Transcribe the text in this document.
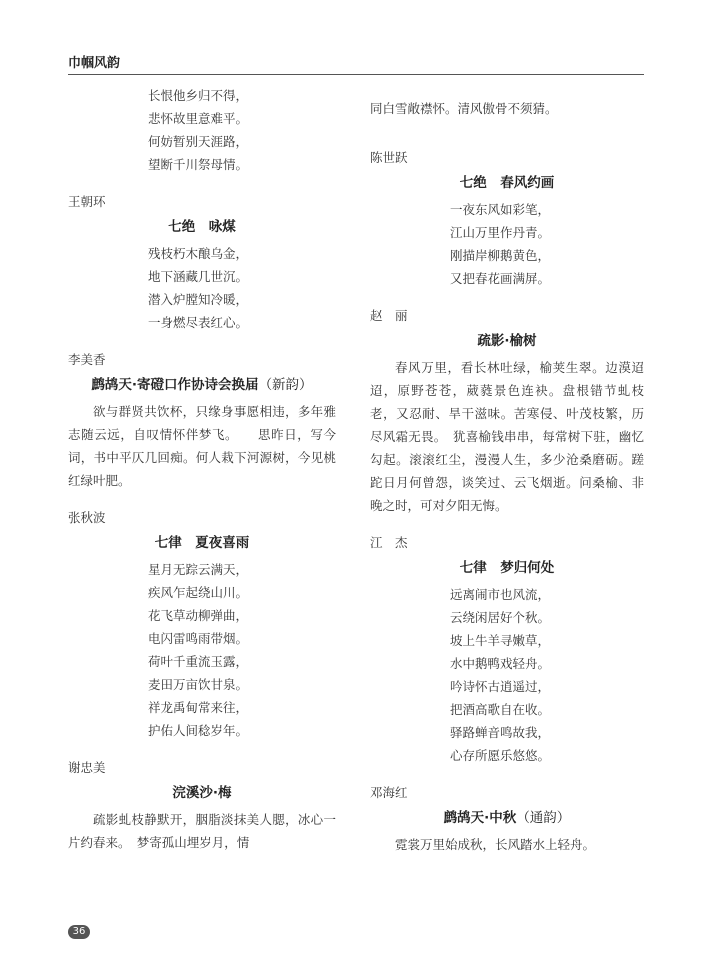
巾帼风韵
长恨他乡归不得，
悲怀故里意难平。
何妨暂别天涯路，
望断千川祭母情。

王朝环

七绝　咏煤

残枝朽木酿乌金，
地下涵藏几世沉。
潜入炉膛知冷暖，
一身燃尽表红心。

李美香

鹧鸪天·寄磴口作协诗会换届（新韵）

欲与群贤共饮杯，只缘身事愿相违，多年雅志随云远，自叹情怀伴梦飞。　　思昨日，写今词，书中平仄几回痴。何人栽下河源树，今见桃红绿叶肥。

张秋波

七律　夏夜喜雨

星月无踪云满天，
疾风乍起绕山川。
花飞草动柳弹曲，
电闪雷鸣雨带烟。
荷叶千重流玉露，
麦田万亩饮甘泉。
祥龙禹甸常来往，
护佑人间稔岁年。

谢忠美

浣溪沙·梅

疏影虬枝静默开，胭脂淡抹美人腮，冰心一片约春来。　梦寄孤山埋岁月，情

同白雪敞襟怀。清风傲骨不须猜。

陈世跃

七绝　春风约画

一夜东风如彩笔，
江山万里作丹青。
刚描岸柳鹅黄色，
又把春花画满屏。

赵　丽

疏影·榆树

春风万里，看长林吐绿，榆荚生翠。边漠迢迢，原野苍苍，葳蕤景色连袂。盘根错节虬枝老，又忍耐、旱干滋味。苦寒侵、叶茂枝繁，历尽风霜无畏。　犹喜榆钱串串，每常树下驻，幽忆勾起。滚滚红尘，漫漫人生，多少沧桑磨砺。蹉跎日月何曾怨，谈笑过、云飞烟逝。问桑榆、非晚之时，可对夕阳无悔。

江　杰

七律　梦归何处

远离闹市也风流，
云绕闲居好个秋。
坡上牛羊寻嫩草，
水中鹅鸭戏轻舟。
吟诗怀古逍遥过，
把酒高歌自在收。
驿路蝉音鸣故我，
心存所愿乐悠悠。

邓海红

鹧鸪天·中秋（通韵）

霓裳万里始成秋，长风踏水上轻舟。

36
